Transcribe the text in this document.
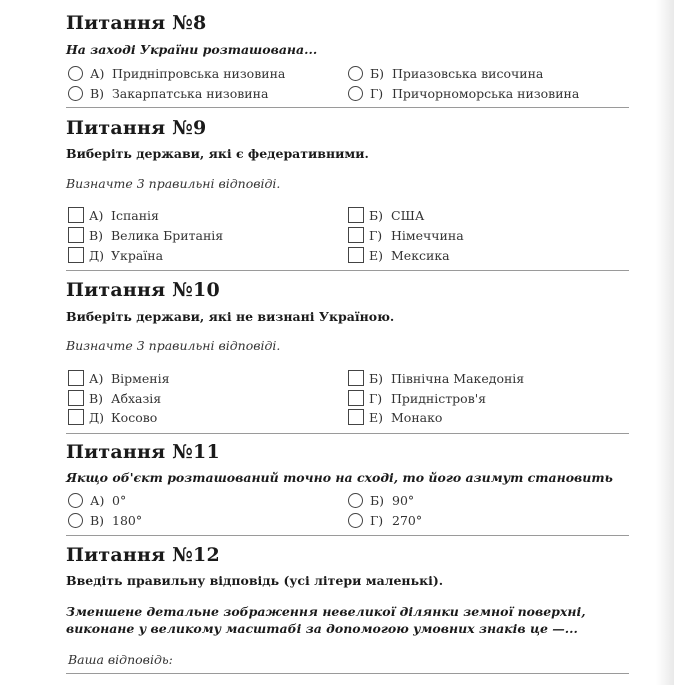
Питання №8

На заході України розташована...

А) Придніпровська низовина	Б) Приазовська височина
В) Закарпатська низовина	Г) Причорноморська низовина
Питання №9

Виберіть держави, які є федеративними.

Визначте 3 правильні відповіді.

А) Іспанія	Б) США
В) Велика Британія	Г) Німеччина
Д) Україна	Е) Мексика
Питання №10

Виберіть держави, які не визнані Україною.

Визначте 3 правильні відповіді.

А) Вірменія	Б) Північна Македонія
В) Абхазія	Г) Придністров'я
Д) Косово	Е) Монако
Питання №11

Якщо об'єкт розташований точно на сході, то його азимут становить

А) 0°	Б) 90°
В) 180°	Г) 270°
Питання №12

Введіть правильну відповідь (усі літери маленькі).

Зменшене детальне зображення невеликої ділянки земної поверхні, виконане у великому масштабі за допомогою умовних знаків це —...

Ваша відповідь:
